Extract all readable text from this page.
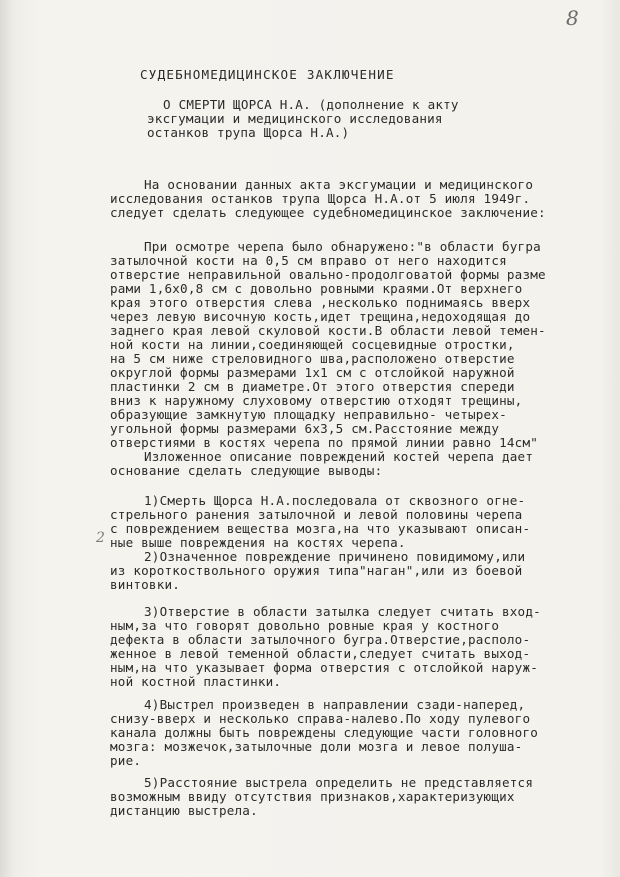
8
СУДЕБНОМЕДИЦИНСКОЕ ЗАКЛЮЧЕНИЕ
О СМЕРТИ ЩОРСА Н.А. (дополнение к акту
эксгумации и медицинского исследования
останков трупа Щорса Н.А.)
На основании данных акта эксгумации и медицинского
исследования останков трупа Щорса Н.А.от 5 июля 1949г.
следует сделать следующее судебномедицинское заключение:
При осмотре черепа было обнаружено:"в области бугра
затылочной кости на 0,5 см вправо от него находится
отверстие неправильной овально-продолговатой формы разме
рами 1,6х0,8 см с довольно ровными краями.От верхнего
края этого отверстия слева ,несколько поднимаясь вверх
через левую височную кость,идет трещина,недоходящая до
заднего края левой скуловой кости.В области левой темен-
ной кости на линии,соединяющей сосцевидные отростки,
на 5 см ниже стреловидного шва,расположено отверстие
округлой формы размерами 1х1 см с отслойкой наружной
пластинки 2 см в диаметре.От этого отверстия спереди
вниз к наружному слуховому отверстию отходят трещины,
образующие замкнутую площадку неправильно- четырех-
угольной формы размерами 6х3,5 см.Расстояние между
отверстиями в костях черепа по прямой линии равно 14см"
Изложенное описание повреждений костей черепа дает
основание сделать следующие выводы:
1)Смерть Щорса Н.А.последовала от сквозного огне-
стрельного ранения затылочной и левой половины черепа
с повреждением вещества мозга,на что указывают описан-
ные выше повреждения на костях черепа.
2
2)Означенное повреждение причинено повидимому,или
из короткоствольного оружия типа"наган",или из боевой
винтовки.
3)Отверстие в области затылка следует считать вход-
ным,за что говорят довольно ровные края у костного
дефекта в области затылочного бугра.Отверстие,располо-
женное в левой теменной области,следует считать выход-
ным,на что указывает форма отверстия с отслойкой наруж-
ной костной пластинки.
4)Выстрел произведен в направлении сзади-наперед,
снизу-вверх и несколько справа-налево.По ходу пулевого
канала должны быть повреждены следующие части головного
мозга: мозжечок,затылочные доли мозга и левое полуша-
рие.
5)Расстояние выстрела определить не представляется
возможным ввиду отсутствия признаков,характеризующих
дистанцию выстрела.
